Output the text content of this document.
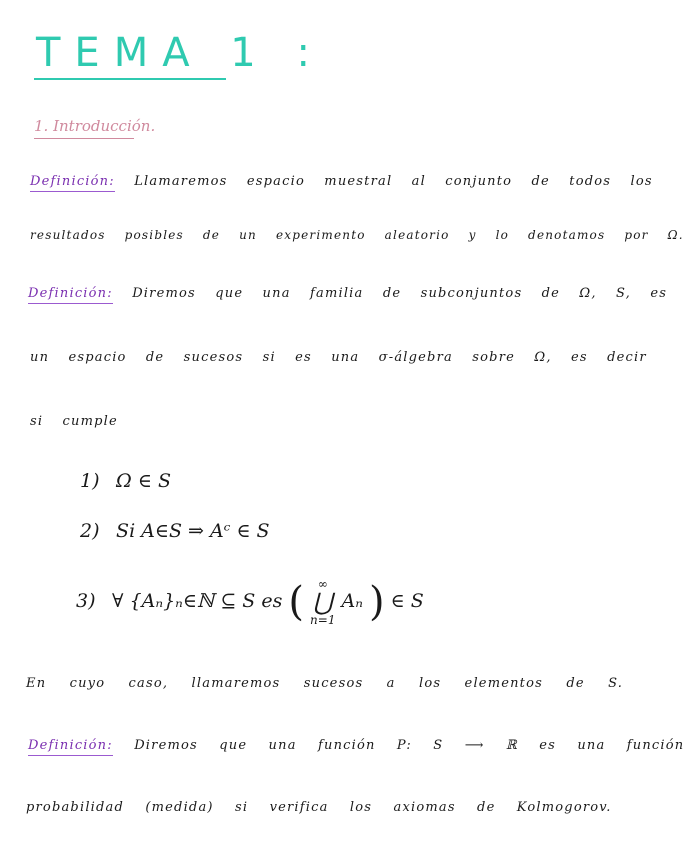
TEMA 1 :
1. Introducción.
Definición: Llamaremos espacio muestral al conjunto de todos los
resultados posibles de un experimento aleatorio y lo denotamos por Ω.
Definición: Diremos que una familia de subconjuntos de Ω, S, es
un espacio de sucesos si es una σ-álgebra sobre Ω, es decir
si cumple
1) Ω ∈ S
2) Si A∈S ⇒ Aᶜ ∈ S
3) ∀ {Aₙ}ₙ∈ℕ ⊆ S es (	∞
⋃
n=1
Aₙ ) ∈ S
En cuyo caso, llamaremos sucesos a los elementos de S.
Definición: Diremos que una función P: S ⟶ ℝ es una función
probabilidad (medida) si verifica los axiomas de Kolmogorov.
